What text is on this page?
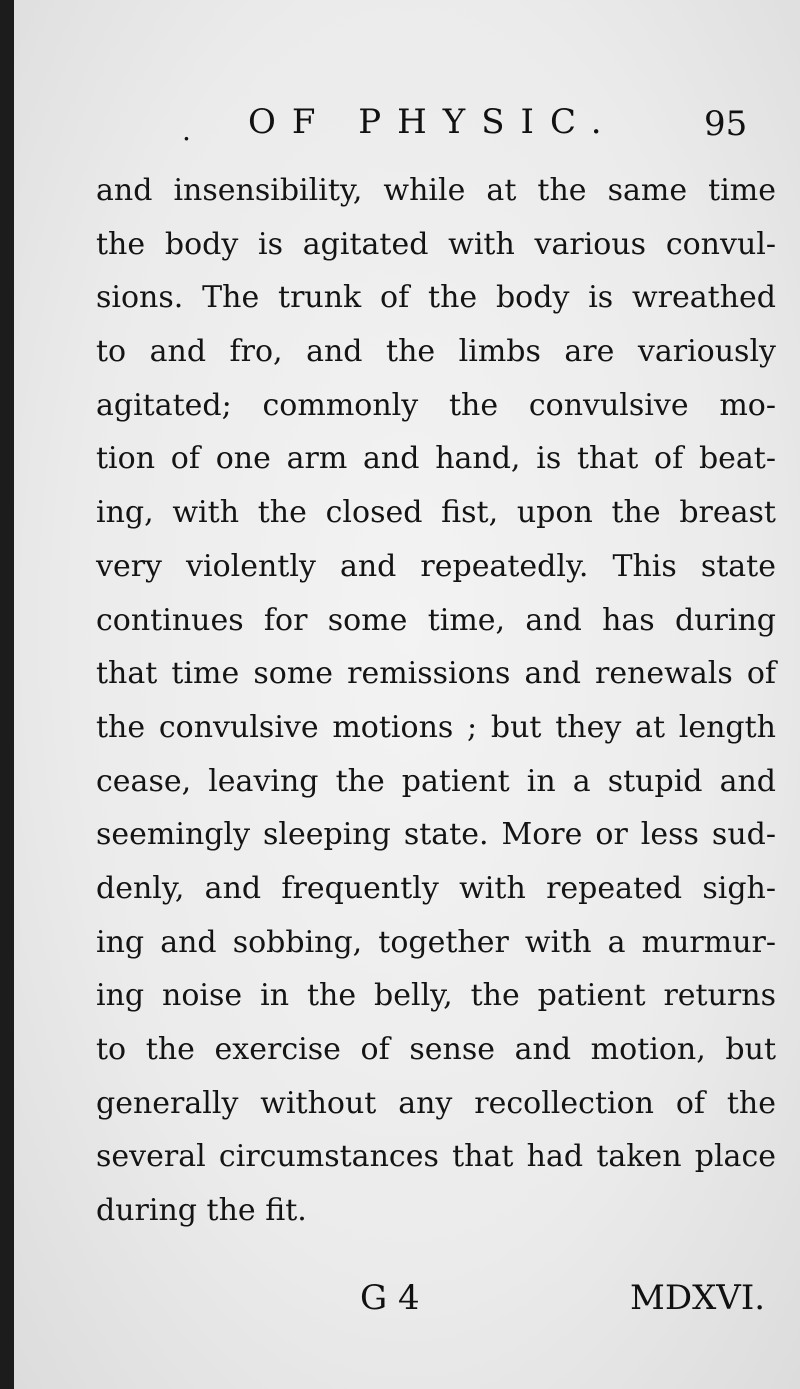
. OF PHYSIC.	95
and insensibility, while at the same time
the body is agitated with various convul-
sions. The trunk of the body is wreathed
to and fro, and the limbs are variously
agitated; commonly the convulsive mo-
tion of one arm and hand, is that of beat-
ing, with the closed fist, upon the breast
very violently and repeatedly. This state
continues for some time, and has during
that time some remissions and renewals of
the convulsive motions ; but they at length
cease, leaving the patient in a stupid and
seemingly sleeping state. More or less sud-
denly, and frequently with repeated sigh-
ing and sobbing, together with a murmur-
ing noise in the belly, the patient returns
to the exercise of sense and motion, but
generally without any recollection of the
several circumstances that had taken place
during the fit.
G 4	MDXVI.
